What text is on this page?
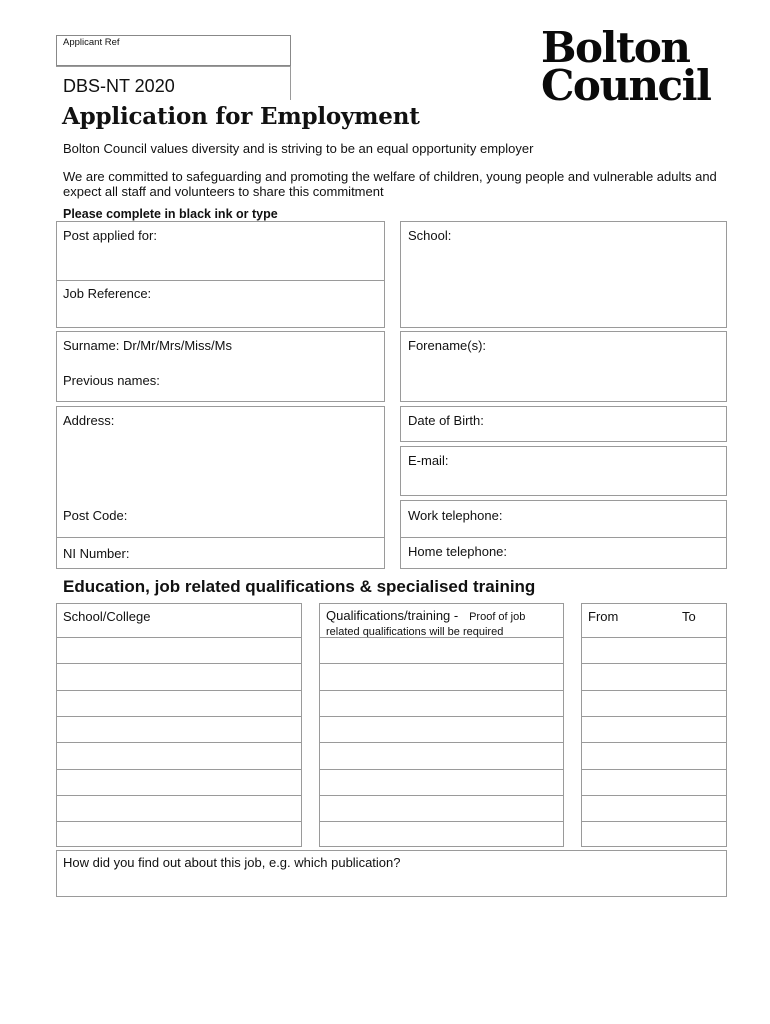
Applicant Ref
DBS-NT 2020
Application for Employment
Bolton
Council
Bolton Council values diversity and is striving to be an equal opportunity employer
We are committed to safeguarding and promoting the welfare of children, young people and vulnerable adults and expect all staff and volunteers to share this commitment
Please complete in black ink or type
Post applied for:
Job Reference:
School:
Surname: Dr/Mr/Mrs/Miss/Ms
Previous names:
Forename(s):
Address:
Post Code:
NI Number:
Date of Birth:
E-mail:
Work telephone:
Home telephone:
Education, job related qualifications & specialised training
School/College	Qualifications/training - Proof of job related qualifications will be required
From	To
How did you find out about this job, e.g. which publication?
